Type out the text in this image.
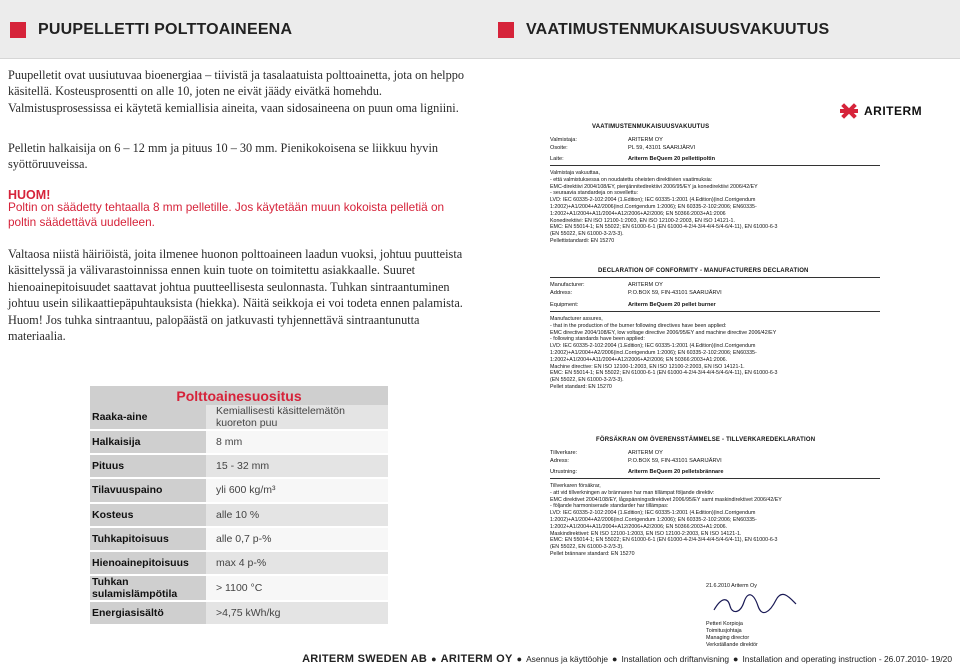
PUUPELLETTI POLTTOAINEENA	VAATIMUSTENMUKAISUUSVAKUUTUS

Puupelletit ovat uusiutuvaa bioenergiaa – tiivistä ja tasalaatuista polttoainetta, jota on helppo käsitellä. Kosteusprosentti on alle 10, joten ne eivät jäädy eivätkä homehdu. Valmistusprosessissa ei käytetä kemiallisia aineita, vaan sidosaineena on puun oma ligniini.

Pelletin halkaisija on 6 – 12 mm ja pituus 10 – 30 mm. Pienikokoisena se liikkuu hyvin syöttöruuveissa.

HUOM!
Poltin on säädetty tehtaalla 8 mm pelletille. Jos käytetään muun kokoista pelletiä on poltin säädettävä uudelleen.

Valtaosa niistä häiriöistä, joita ilmenee huonon polttoaineen laadun vuoksi, johtuu puutteista käsittelyssä ja välivarastoinnissa ennen kuin tuote on toimitettu asiakkaalle. Suuret hienoainepitoisuudet saattavat johtua puutteellisesta seulonnasta. Tuhkan sintraantuminen johtuu usein silikaattiepäpuhtauksista (hiekka). Näitä seikkoja ei voi todeta ennen palamista. Huom! Jos tuhka sintraantuu, palopäästä on jatkuvasti tyhjennettävä sintraantunutta materiaalia.

Polttoainesuositus
Raaka-aine	Kemiallisesti käsittelemätön kuoreton puu
Halkaisija	8 mm
Pituus	15 - 32 mm
Tilavuuspaino	yli 600 kg/m³
Kosteus	alle 10 %
Tuhkapitoisuus	alle 0,7 p-%
Hienoainepitoisuus	max 4 p-%
Tuhkan sulamislämpötila	> 1100 °C
Energiasisältö	>4,75 kWh/kg
ARITERM
VAATIMUSTENMUKAISUUSVAKUUTUS
Valmistaja:	ARITERM OY
Osoite:	PL 59, 43101 SAARIJÄRVI
Laite:	Ariterm BeQuem 20 pellettipoltin
Valmistaja vakuuttaa,
- että valmistuksessa on noudatettu oheisten direktiivien vaatimuksia:
EMC-direktiivi 2004/108/EY, pienjännitedirektiivi 2006/95/EY ja konedirektiivi 2006/42/EY
- seuraavia standardeja on sovellettu:
LVD: IEC 60335-2-102:2004 (1.Edition); IEC 60335-1:2001 (4.Edition)(incl.Corrigendum
1:2002)+A1/2004+A2/2006(incl.Corrigendum 1:2006); EN 60335-2-102:2006; EN60335-
1:2002+A1/2004+A11/2004+A12/2006+A2/2006; EN 50366:2003+A1:2006
Konedirektiivi: EN ISO 12100-1:2003, EN ISO 12100-2:2003, EN ISO 14121-1.
EMC: EN 55014-1; EN 55022; EN 61000-6-1 (EN 61000-4-2/4-3/4-4/4-5/4-6/4-11), EN 61000-6-3
(EN 55022, EN 61000-3-2/3-3).
Pellettistandardi: EN 15270
DECLARATION OF CONFORMITY - MANUFACTURERS DECLARATION
Manufacturer:	ARITERM OY
Address:	P.O.BOX 59, FIN-43101 SAARIJÄRVI
Equipment:	Ariterm BeQuem 20 pellet burner
Manufacturer assures,
- that in the production of the burner following directives have been applied:
EMC directive 2004/108/EY, low voltage directive 2006/95/EY and machine directive 2006/42/EY
- following standards have been applied:
LVD: IEC 60335-2-102:2004 (1.Edition); IEC 60335-1:2001 (4.Edition)(incl.Corrigendum
1:2002)+A1/2004+A2/2006(incl.Corrigendum 1:2006); EN 60335-2-102:2006; EN60335-
1:2002+A1/2004+A11/2004+A12/2006+A2/2006; EN 50366:2003+A1:2006.
Machine directive: EN ISO 12100-1:2003, EN ISO 12100-2:2003, EN ISO 14121-1.
EMC: EN 55014-1; EN 55022; EN 61000-6-1 (EN 61000-4-2/4-3/4-4/4-5/4-6/4-11), EN 61000-6-3
(EN 55022, EN 61000-3-2/3-3).
Pellet standard: EN 15270
FÖRSÄKRAN OM ÖVERENSSTÄMMELSE - TILLVERKAREDEKLARATION
Tillverkare:	ARITERM OY
Adress:	P.O.BOX 59, FIN-43101 SAARIJÄRVI
Utrustning:	Ariterm BeQuem 20 pelletsbrännare
Tillverkaren försäkrar,
- att vid tillverkningen av brännaren har man tillämpat följande direktiv:
EMC direktivet 2004/108/EY, lågspänningsdirektivet 2006/95/EY samt maskindirektivet 2006/42/EY
- följande harmoniserade standarder har tillämpas:
LVD: IEC 60335-2-102:2004 (1.Edition); IEC 60335-1:2001 (4.Edition)(incl.Corrigendum
1:2002)+A1/2004+A2/2006(incl.Corrigendum 1:2006); EN 60335-2-102:2006; EN60335-
1:2002+A1/2004+A11/2004+A12/2006+A2/2006; EN 50366:2003+A1:2006.
Maskindirektivet: EN ISO 12100-1:2003, EN ISO 12100-2:2003, EN ISO 14121-1.
EMC: EN 55014-1; EN 55022; EN 61000-6-1 (EN 61000-4-2/4-3/4-4/4-5/4-6/4-11), EN 61000-6-3
(EN 55022, EN 61000-3-2/3-3).
Pellet brännare standard: EN 15270
21.6.2010 Ariterm Oy
Petteri Korpioja
Toimitusjohtaja
Managing director
Verkställande direktör
ARITERM SWEDEN AB ● ARITERM OY ● Asennus ja käyttöohje ● Installation och driftanvisning ● Installation and operating instruction - 26.07.2010- 19/20
